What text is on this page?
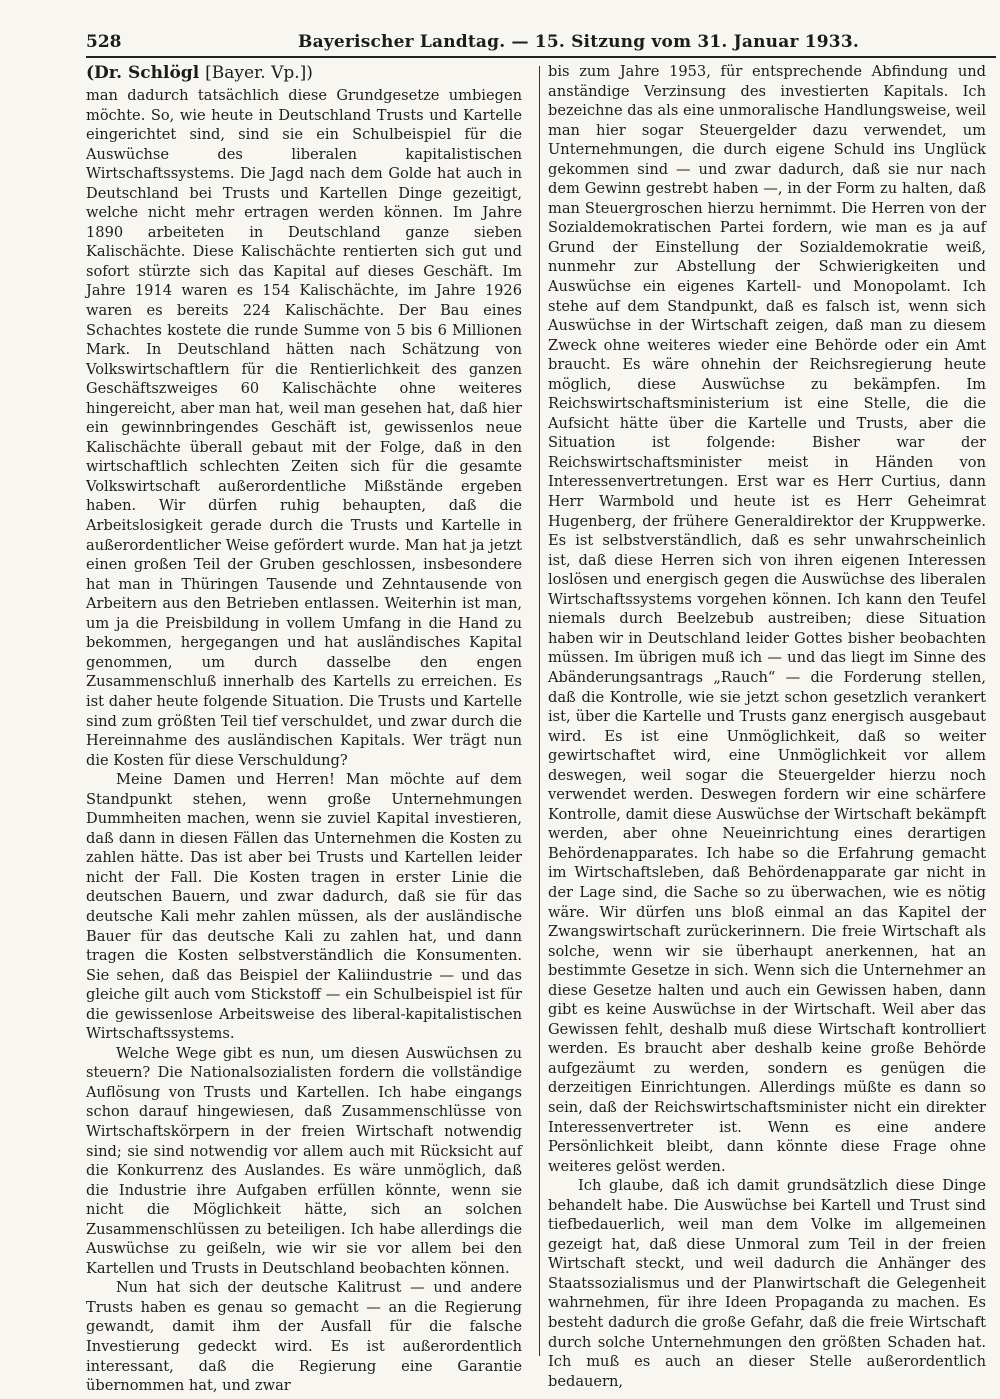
528	Bayerischer Landtag. — 15. Sitzung vom 31. Januar 1933.
(Dr. Schlögl [Bayer. Vp.])

man dadurch tatsächlich diese Grundgesetze umbiegen möchte. So, wie heute in Deutschland Trusts und Kartelle eingerichtet sind, sind sie ein Schulbeispiel für die Auswüchse des liberalen kapitalistischen Wirtschaftssystems. Die Jagd nach dem Golde hat auch in Deutschland bei Trusts und Kartellen Dinge gezeitigt, welche nicht mehr ertragen werden können. Im Jahre 1890 arbeiteten in Deutschland ganze sieben Kalischächte. Diese Kalischächte rentierten sich gut und sofort stürzte sich das Kapital auf dieses Geschäft. Im Jahre 1914 waren es 154 Kalischächte, im Jahre 1926 waren es bereits 224 Kalischächte. Der Bau eines Schachtes kostete die runde Summe von 5 bis 6 Millionen Mark. In Deutschland hätten nach Schätzung von Volkswirtschaftlern für die Rentierlichkeit des ganzen Geschäftszweiges 60 Kalischächte ohne weiteres hingereicht, aber man hat, weil man gesehen hat, daß hier ein gewinnbringendes Geschäft ist, gewissenlos neue Kalischächte überall gebaut mit der Folge, daß in den wirtschaftlich schlechten Zeiten sich für die gesamte Volkswirtschaft außerordentliche Mißstände ergeben haben. Wir dürfen ruhig behaupten, daß die Arbeitslosigkeit gerade durch die Trusts und Kartelle in außerordentlicher Weise gefördert wurde. Man hat ja jetzt einen großen Teil der Gruben geschlossen, insbesondere hat man in Thüringen Tausende und Zehntausende von Arbeitern aus den Betrieben entlassen. Weiterhin ist man, um ja die Preisbildung in vollem Umfang in die Hand zu bekommen, hergegangen und hat ausländisches Kapital genommen, um durch dasselbe den engen Zusammenschluß innerhalb des Kartells zu erreichen. Es ist daher heute folgende Situation. Die Trusts und Kartelle sind zum größten Teil tief verschuldet, und zwar durch die Hereinnahme des ausländischen Kapitals. Wer trägt nun die Kosten für diese Verschuldung?

Meine Damen und Herren! Man möchte auf dem Standpunkt stehen, wenn große Unternehmungen Dummheiten machen, wenn sie zuviel Kapital investieren, daß dann in diesen Fällen das Unternehmen die Kosten zu zahlen hätte. Das ist aber bei Trusts und Kartellen leider nicht der Fall. Die Kosten tragen in erster Linie die deutschen Bauern, und zwar dadurch, daß sie für das deutsche Kali mehr zahlen müssen, als der ausländische Bauer für das deutsche Kali zu zahlen hat, und dann tragen die Kosten selbstverständlich die Konsumenten. Sie sehen, daß das Beispiel der Kaliindustrie — und das gleiche gilt auch vom Stickstoff — ein Schulbeispiel ist für die gewissenlose Arbeitsweise des liberal-kapitalistischen Wirtschaftssystems.

Welche Wege gibt es nun, um diesen Auswüchsen zu steuern? Die Nationalsozialisten fordern die vollständige Auflösung von Trusts und Kartellen. Ich habe eingangs schon darauf hingewiesen, daß Zusammenschlüsse von Wirtschaftskörpern in der freien Wirtschaft notwendig sind; sie sind notwendig vor allem auch mit Rücksicht auf die Konkurrenz des Auslandes. Es wäre unmöglich, daß die Industrie ihre Aufgaben erfüllen könnte, wenn sie nicht die Möglichkeit hätte, sich an solchen Zusammenschlüssen zu beteiligen. Ich habe allerdings die Auswüchse zu geißeln, wie wir sie vor allem bei den Kartellen und Trusts in Deutschland beobachten können.

Nun hat sich der deutsche Kalitrust — und andere Trusts haben es genau so gemacht — an die Regierung gewandt, damit ihm der Ausfall für die falsche Investierung gedeckt wird. Es ist außerordentlich interessant, daß die Regierung eine Garantie übernommen hat, und zwar

bis zum Jahre 1953, für entsprechende Abfindung und anständige Verzinsung des investierten Kapitals. Ich bezeichne das als eine unmoralische Handlungsweise, weil man hier sogar Steuergelder dazu verwendet, um Unternehmungen, die durch eigene Schuld ins Unglück gekommen sind — und zwar dadurch, daß sie nur nach dem Gewinn gestrebt haben —, in der Form zu halten, daß man Steuergroschen hierzu hernimmt. Die Herren von der Sozialdemokratischen Partei fordern, wie man es ja auf Grund der Einstellung der Sozialdemokratie weiß, nunmehr zur Abstellung der Schwierigkeiten und Auswüchse ein eigenes Kartell- und Monopolamt. Ich stehe auf dem Standpunkt, daß es falsch ist, wenn sich Auswüchse in der Wirtschaft zeigen, daß man zu diesem Zweck ohne weiteres wieder eine Behörde oder ein Amt braucht. Es wäre ohnehin der Reichsregierung heute möglich, diese Auswüchse zu bekämpfen. Im Reichswirtschaftsministerium ist eine Stelle, die die Aufsicht hätte über die Kartelle und Trusts, aber die Situation ist folgende: Bisher war der Reichswirtschaftsminister meist in Händen von Interessenvertretungen. Erst war es Herr Curtius, dann Herr Warmbold und heute ist es Herr Geheimrat Hugenberg, der frühere Generaldirektor der Kruppwerke. Es ist selbstverständlich, daß es sehr unwahrscheinlich ist, daß diese Herren sich von ihren eigenen Interessen loslösen und energisch gegen die Auswüchse des liberalen Wirtschaftssystems vorgehen können. Ich kann den Teufel niemals durch Beelzebub austreiben; diese Situation haben wir in Deutschland leider Gottes bisher beobachten müssen. Im übrigen muß ich — und das liegt im Sinne des Abänderungsantrags „Rauch“ — die Forderung stellen, daß die Kontrolle, wie sie jetzt schon gesetzlich verankert ist, über die Kartelle und Trusts ganz energisch ausgebaut wird. Es ist eine Unmöglichkeit, daß so weiter gewirtschaftet wird, eine Unmöglichkeit vor allem deswegen, weil sogar die Steuergelder hierzu noch verwendet werden. Deswegen fordern wir eine schärfere Kontrolle, damit diese Auswüchse der Wirtschaft bekämpft werden, aber ohne Neueinrichtung eines derartigen Behördenapparates. Ich habe so die Erfahrung gemacht im Wirtschaftsleben, daß Behördenapparate gar nicht in der Lage sind, die Sache so zu überwachen, wie es nötig wäre. Wir dürfen uns bloß einmal an das Kapitel der Zwangswirtschaft zurückerinnern. Die freie Wirtschaft als solche, wenn wir sie überhaupt anerkennen, hat an bestimmte Gesetze in sich. Wenn sich die Unternehmer an diese Gesetze halten und auch ein Gewissen haben, dann gibt es keine Auswüchse in der Wirtschaft. Weil aber das Gewissen fehlt, deshalb muß diese Wirtschaft kontrolliert werden. Es braucht aber deshalb keine große Behörde aufgezäumt zu werden, sondern es genügen die derzeitigen Einrichtungen. Allerdings müßte es dann so sein, daß der Reichswirtschaftsminister nicht ein direkter Interessenvertreter ist. Wenn es eine andere Persönlichkeit bleibt, dann könnte diese Frage ohne weiteres gelöst werden.

Ich glaube, daß ich damit grundsätzlich diese Dinge behandelt habe. Die Auswüchse bei Kartell und Trust sind tiefbedauerlich, weil man dem Volke im allgemeinen gezeigt hat, daß diese Unmoral zum Teil in der freien Wirtschaft steckt, und weil dadurch die Anhänger des Staatssozialismus und der Planwirtschaft die Gelegenheit wahrnehmen, für ihre Ideen Propaganda zu machen. Es besteht dadurch die große Gefahr, daß die freie Wirtschaft durch solche Unternehmungen den größten Schaden hat. Ich muß es auch an dieser Stelle außerordentlich bedauern,
